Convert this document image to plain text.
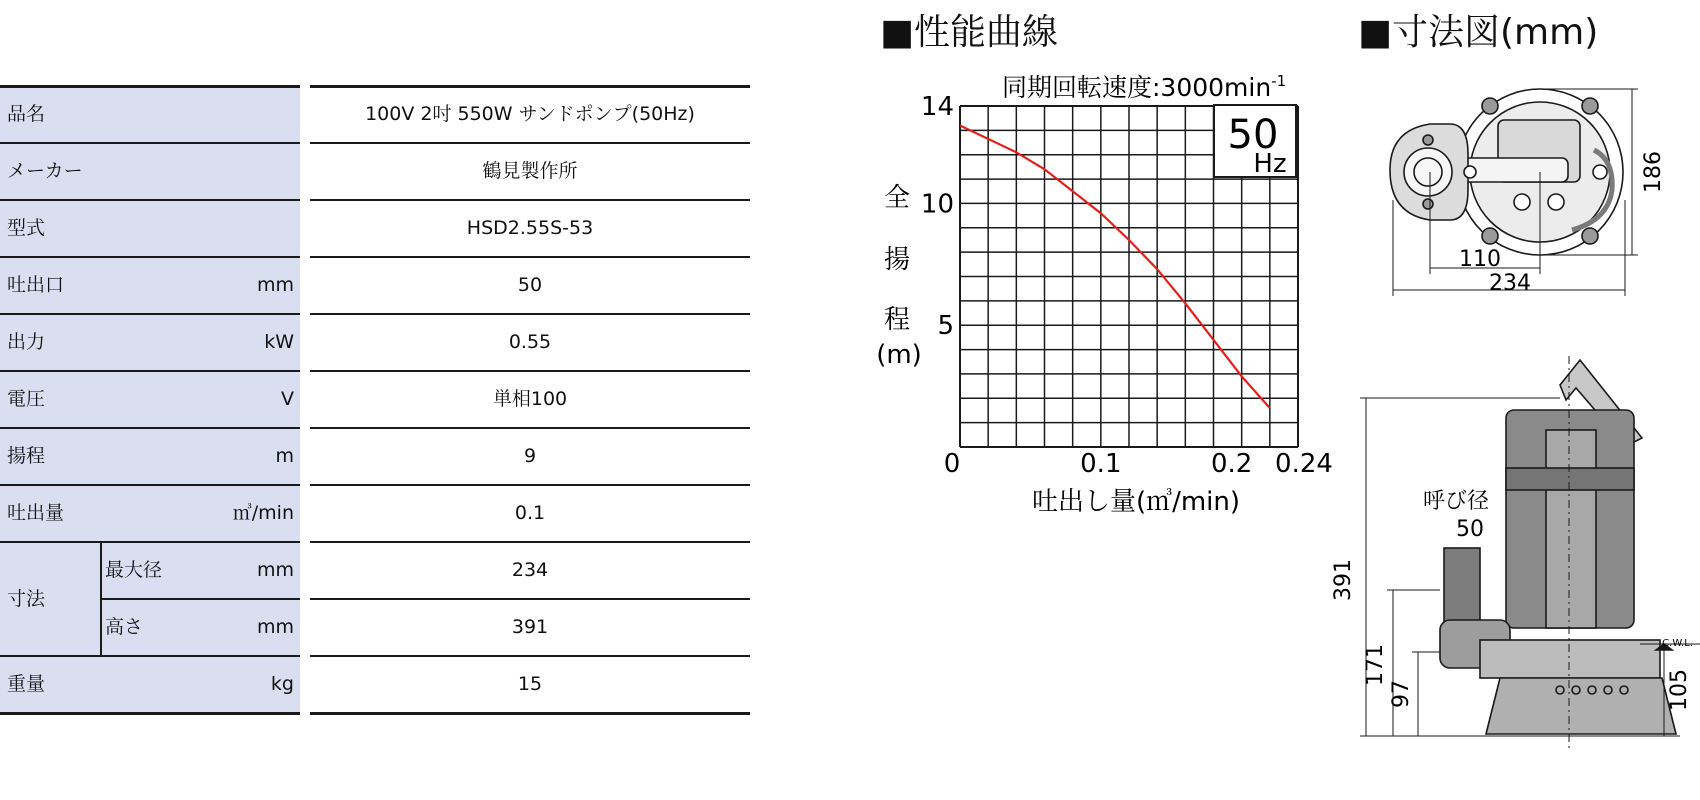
品名	100V 2吋 550W サンドポンプ(50Hz)
メーカー	鶴見製作所
型式	HSD2.55S-53
吐出口	mm	50
出力	kW	0.55
電圧	V	単相100
揚程	m	9
吐出量	㎥/min	0.1
寸法
最大径	mm	234
高さ	mm	391
重量	kg	15
■性能曲線
0	0.1	0.2 0.24
5
10
14
同期回転速度$:3000\min^{-1}$
50
Hz
全
揚
程
(m)
吐出し量(㎥/min)
■寸法図(mm)
110
234
186
呼び径
50
391
171
97	105
C.W.L.
